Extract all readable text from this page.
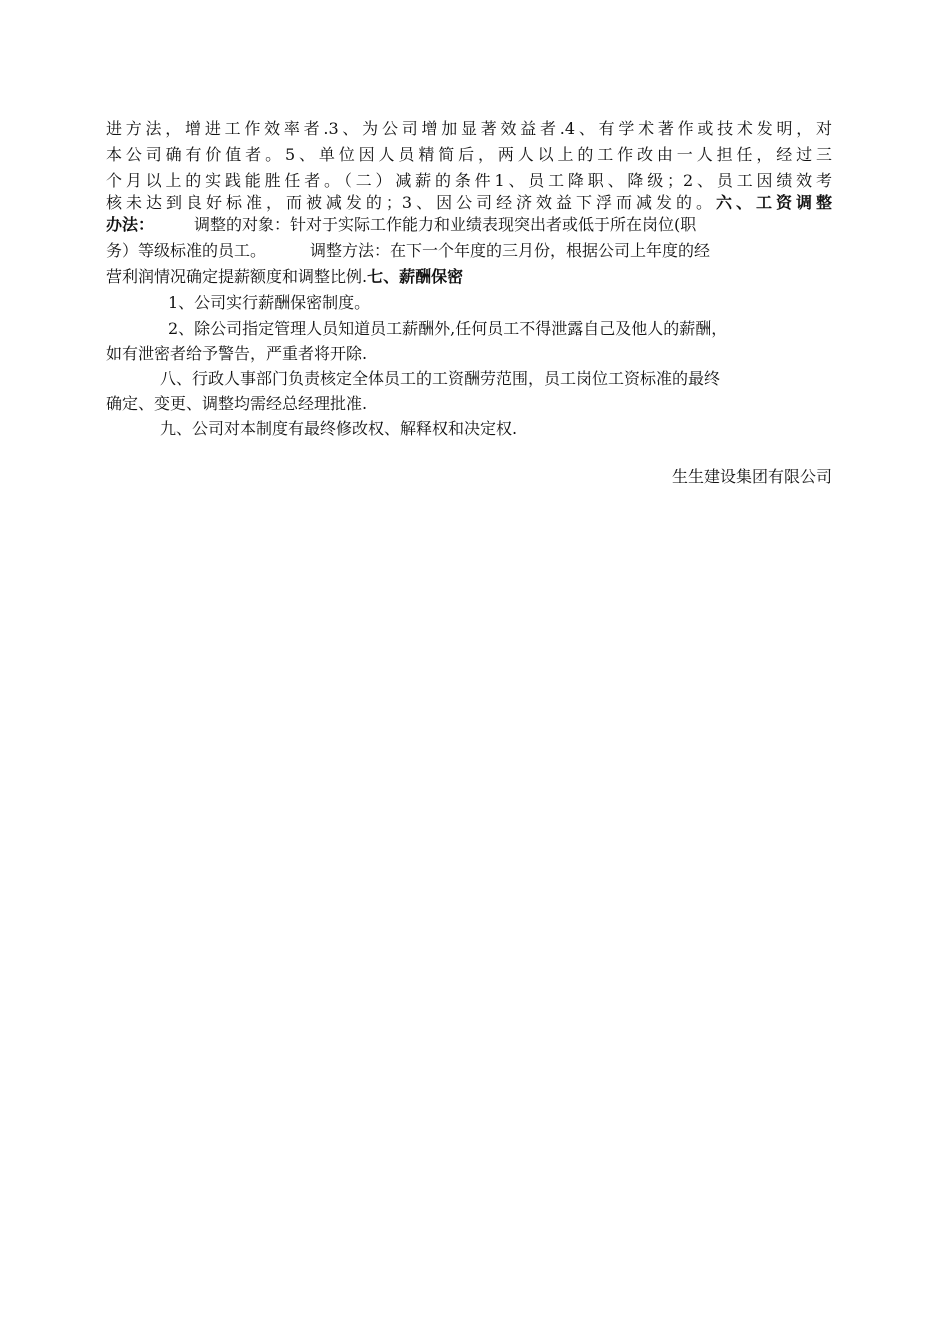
进方法，增进工作效率者.3、为公司增加显著效益者.4、有学术著作或技术发明，对
本公司确有价值者。5、单位因人员精简后，两人以上的工作改由一人担任，经过三
个月以上的实践能胜任者。（二）减薪的条件1、员工降职、降级；2、员工因绩效考
核未达到良好标准，而被减发的；3、因公司经济效益下浮而减发的。六、工资调整
办法：	调整的对象：针对于实际工作能力和业绩表现突出者或低于所在岗位(职
务）等级标准的员工。	调整方法：在下一个年度的三月份，根据公司上年度的经
营利润情况确定提薪额度和调整比例.七、薪酬保密
1、公司实行薪酬保密制度。
2、除公司指定管理人员知道员工薪酬外,任何员工不得泄露自己及他人的薪酬，
如有泄密者给予警告，严重者将开除.
八、行政人事部门负责核定全体员工的工资酬劳范围，员工岗位工资标准的最终
确定、变更、调整均需经总经理批准.
九、公司对本制度有最终修改权、解释权和决定权.
生生建设集团有限公司
